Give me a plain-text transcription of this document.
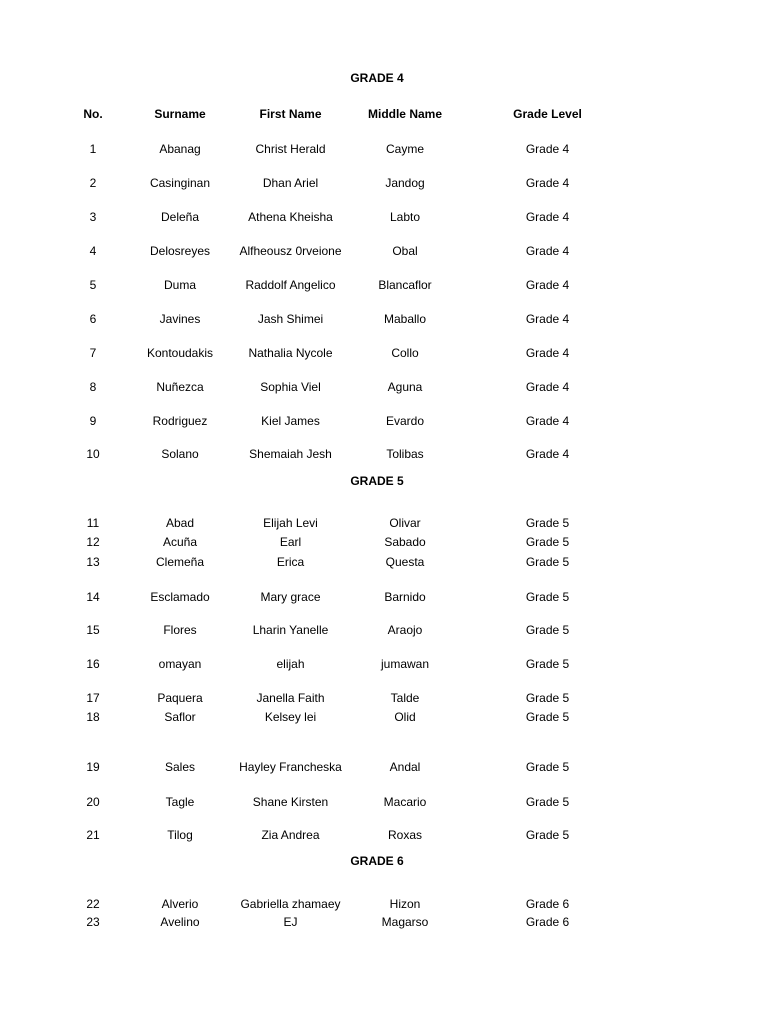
GRADE 4
No.	Surname	First Name	Middle Name	Grade Level
1	Abanag	Christ Herald	Cayme	Grade 4
2	Casinginan	Dhan Ariel	Jandog	Grade 4
3	Deleña	Athena Kheisha	Labto	Grade 4
4	Delosreyes	Alfheousz 0rveione	Obal	Grade 4
5	Duma	Raddolf Angelico	Blancaflor	Grade 4
6	Javines	Jash Shimei	Maballo	Grade 4
7	Kontoudakis	Nathalia Nycole	Collo	Grade 4
8	Nuñezca	Sophia Viel	Aguna	Grade 4
9	Rodriguez	Kiel James	Evardo	Grade 4
10	Solano	Shemaiah Jesh	Tolibas	Grade 4
GRADE 5
11	Abad	Elijah Levi	Olivar	Grade 5
12	Acuña	Earl	Sabado	Grade 5
13	Clemeña	Erica	Questa	Grade 5
14	Esclamado	Mary grace	Barnido	Grade 5
15	Flores	Lharin Yanelle	Araojo	Grade 5
16	omayan	elijah	jumawan	Grade 5
17	Paquera	Janella Faith	Talde	Grade 5
18	Saflor	Kelsey lei	Olid	Grade 5
19	Sales	Hayley Francheska	Andal	Grade 5
20	Tagle	Shane Kirsten	Macario	Grade 5
21	Tilog	Zia Andrea	Roxas	Grade 5
GRADE 6
22	Alverio	Gabriella zhamaey	Hizon	Grade 6
23	Avelino	EJ	Magarso	Grade 6
